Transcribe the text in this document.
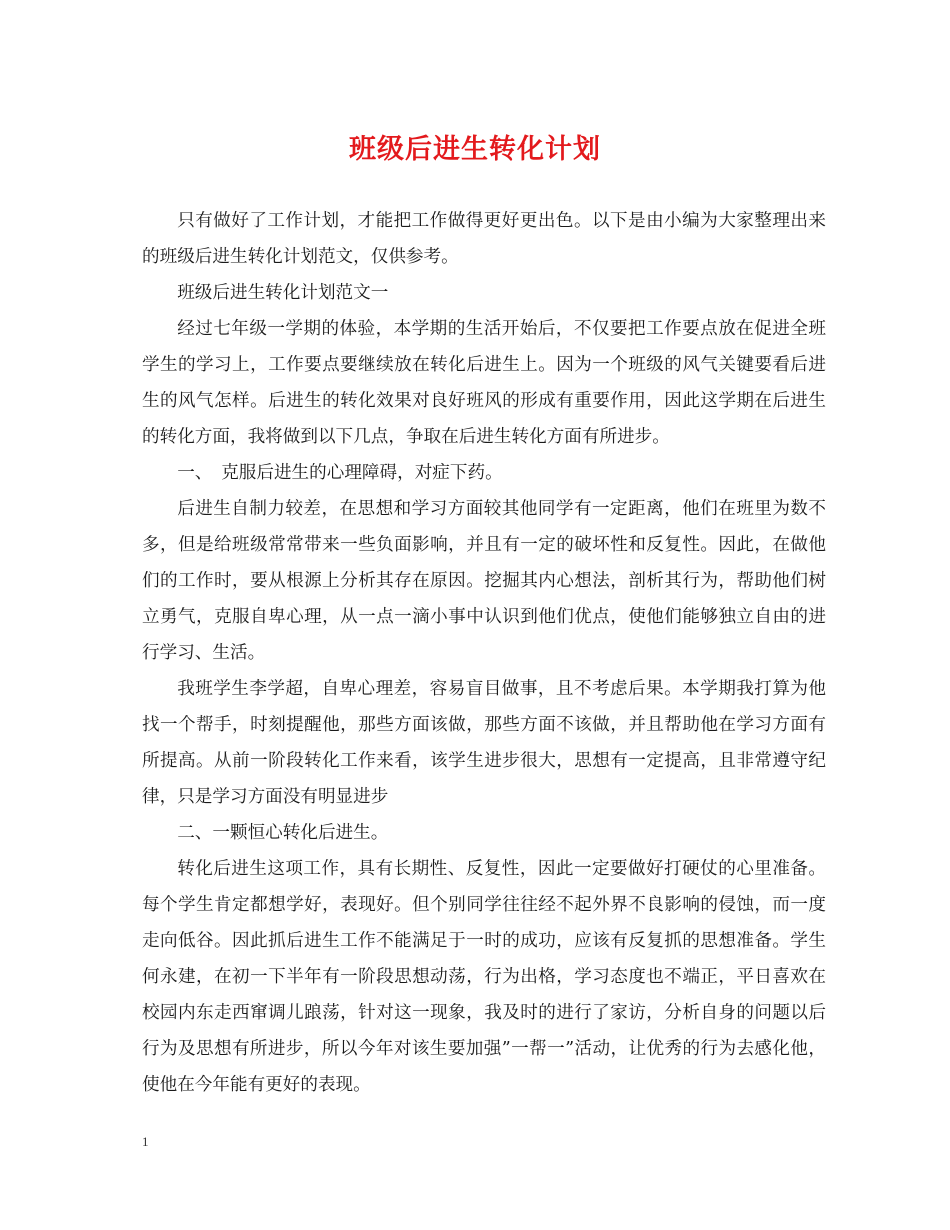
班级后进生转化计划

只有做好了工作计划，才能把工作做得更好更出色。以下是由小编为大家整理出来的班级后进生转化计划范文，仅供参考。

班级后进生转化计划范文一

经过七年级一学期的体验，本学期的生活开始后，不仅要把工作要点放在促进全班学生的学习上，工作要点要继续放在转化后进生上。因为一个班级的风气关键要看后进生的风气怎样。后进生的转化效果对良好班风的形成有重要作用，因此这学期在后进生的转化方面，我将做到以下几点，争取在后进生转化方面有所进步。

一、　克服后进生的心理障碍，对症下药。

后进生自制力较差，在思想和学习方面较其他同学有一定距离，他们在班里为数不多，但是给班级常常带来一些负面影响，并且有一定的破坏性和反复性。因此，在做他们的工作时，要从根源上分析其存在原因。挖掘其内心想法，剖析其行为，帮助他们树立勇气，克服自卑心理，从一点一滴小事中认识到他们优点，使他们能够独立自由的进行学习、生活。

我班学生李学超，自卑心理差，容易盲目做事，且不考虑后果。本学期我打算为他找一个帮手，时刻提醒他，那些方面该做，那些方面不该做，并且帮助他在学习方面有所提高。从前一阶段转化工作来看，该学生进步很大，思想有一定提高，且非常遵守纪律，只是学习方面没有明显进步

二、一颗恒心转化后进生。

转化后进生这项工作，具有长期性、反复性，因此一定要做好打硬仗的心里准备。每个学生肯定都想学好，表现好。但个别同学往往经不起外界不良影响的侵蚀，而一度走向低谷。因此抓后进生工作不能满足于一时的成功，应该有反复抓的思想准备。学生何永建，在初一下半年有一阶段思想动荡，行为出格，学习态度也不端正，平日喜欢在校园内东走西窜调儿踉荡，针对这一现象，我及时的进行了家访，分析自身的问题以后行为及思想有所进步，所以今年对该生要加强”一帮一”活动，让优秀的行为去感化他，使他在今年能有更好的表现。

1
